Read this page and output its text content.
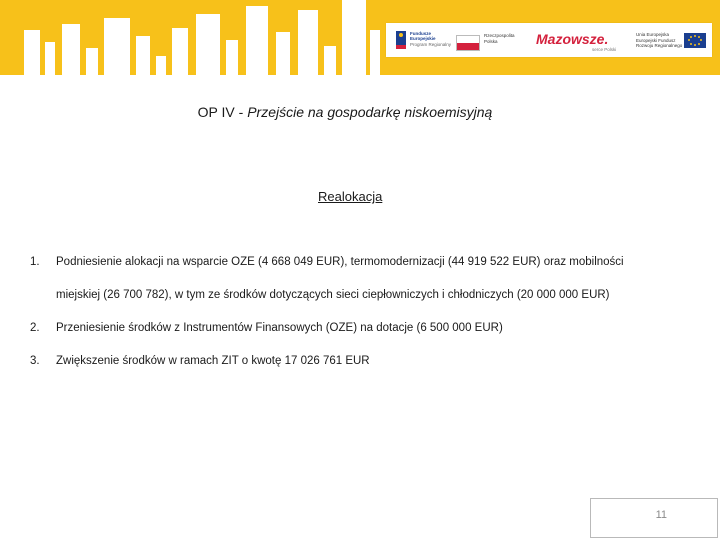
Fundusze
Europejskie
Program Regionalny
Rzeczpospolita
Polska	Mazowsze.
serce Polski
Unia Europejska
Europejski Fundusz
Rozwoju Regionalnego
OP IV - Przejście na gospodarkę niskoemisyjną
Realokacja
1. Podniesienie alokacji na wsparcie OZE (4 668 049 EUR), termomodernizacji (44 919 522 EUR) oraz mobilności
miejskiej (26 700 782), w tym ze środków dotyczących sieci ciepłowniczych i chłodniczych (20 000 000 EUR)
2. Przeniesienie środków z Instrumentów Finansowych (OZE) na dotacje (6 500 000 EUR)
3. Zwiększenie środków w ramach ZIT o kwotę 17 026 761 EUR
11
